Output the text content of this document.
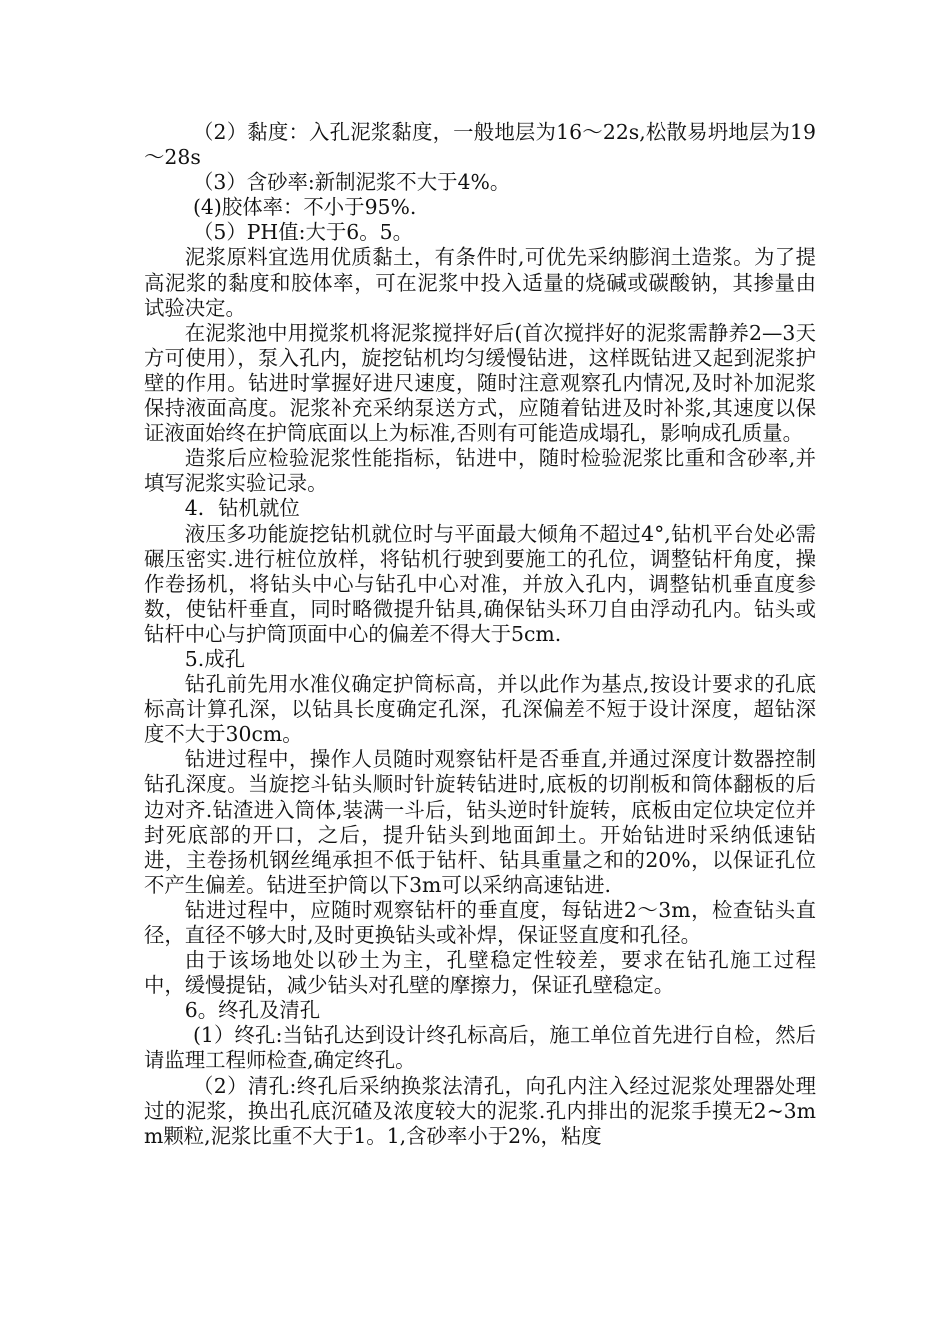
（2）黏度：入孔泥浆黏度，一般地层为16～22s,松散易坍地层为19～28s

（3）含砂率:新制泥浆不大于4%。

(4)胶体率：不小于95%.

（5）PH值:大于6。5。

泥浆原料宜选用优质黏土，有条件时,可优先采纳膨润土造浆。为了提高泥浆的黏度和胶体率，可在泥浆中投入适量的烧碱或碳酸钠，其掺量由试验决定。

在泥浆池中用搅浆机将泥浆搅拌好后(首次搅拌好的泥浆需静养2—3天方可使用），泵入孔内，旋挖钻机均匀缓慢钻进，这样既钻进又起到泥浆护壁的作用。钻进时掌握好进尺速度，随时注意观察孔内情况,及时补加泥浆保持液面高度。泥浆补充采纳泵送方式，应随着钻进及时补浆,其速度以保证液面始终在护筒底面以上为标准,否则有可能造成塌孔，影响成孔质量。

造浆后应检验泥浆性能指标，钻进中，随时检验泥浆比重和含砂率,并填写泥浆实验记录。

4．钻机就位

液压多功能旋挖钻机就位时与平面最大倾角不超过4°,钻机平台处必需碾压密实.进行桩位放样，将钻机行驶到要施工的孔位，调整钻杆角度，操作卷扬机，将钻头中心与钻孔中心对准，并放入孔内，调整钻机垂直度参数，使钻杆垂直，同时略微提升钻具,确保钻头环刀自由浮动孔内。钻头或钻杆中心与护筒顶面中心的偏差不得大于5cm.

5.成孔

钻孔前先用水准仪确定护筒标高，并以此作为基点,按设计要求的孔底标高计算孔深，以钻具长度确定孔深，孔深偏差不短于设计深度，超钻深度不大于30cm。

钻进过程中，操作人员随时观察钻杆是否垂直,并通过深度计数器控制钻孔深度。当旋挖斗钻头顺时针旋转钻进时,底板的切削板和筒体翻板的后边对齐.钻渣进入筒体,装满一斗后，钻头逆时针旋转，底板由定位块定位并封死底部的开口，之后，提升钻头到地面卸土。开始钻进时采纳低速钻进，主卷扬机钢丝绳承担不低于钻杆、钻具重量之和的20%，以保证孔位不产生偏差。钻进至护筒以下3m可以采纳高速钻进.

钻进过程中，应随时观察钻杆的垂直度，每钻进2～3m，检查钻头直径，直径不够大时,及时更换钻头或补焊，保证竖直度和孔径。

由于该场地处以砂土为主，孔壁稳定性较差，要求在钻孔施工过程中，缓慢提钻，减少钻头对孔壁的摩擦力，保证孔壁稳定。

6。终孔及清孔

(1）终孔:当钻孔达到设计终孔标高后，施工单位首先进行自检，然后请监理工程师检查,确定终孔。

（2）清孔:终孔后采纳换浆法清孔，向孔内注入经过泥浆处理器处理过的泥浆，换出孔底沉碴及浓度较大的泥浆.孔内排出的泥浆手摸无2~3mm颗粒,泥浆比重不大于1。1,含砂率小于2%，粘度
